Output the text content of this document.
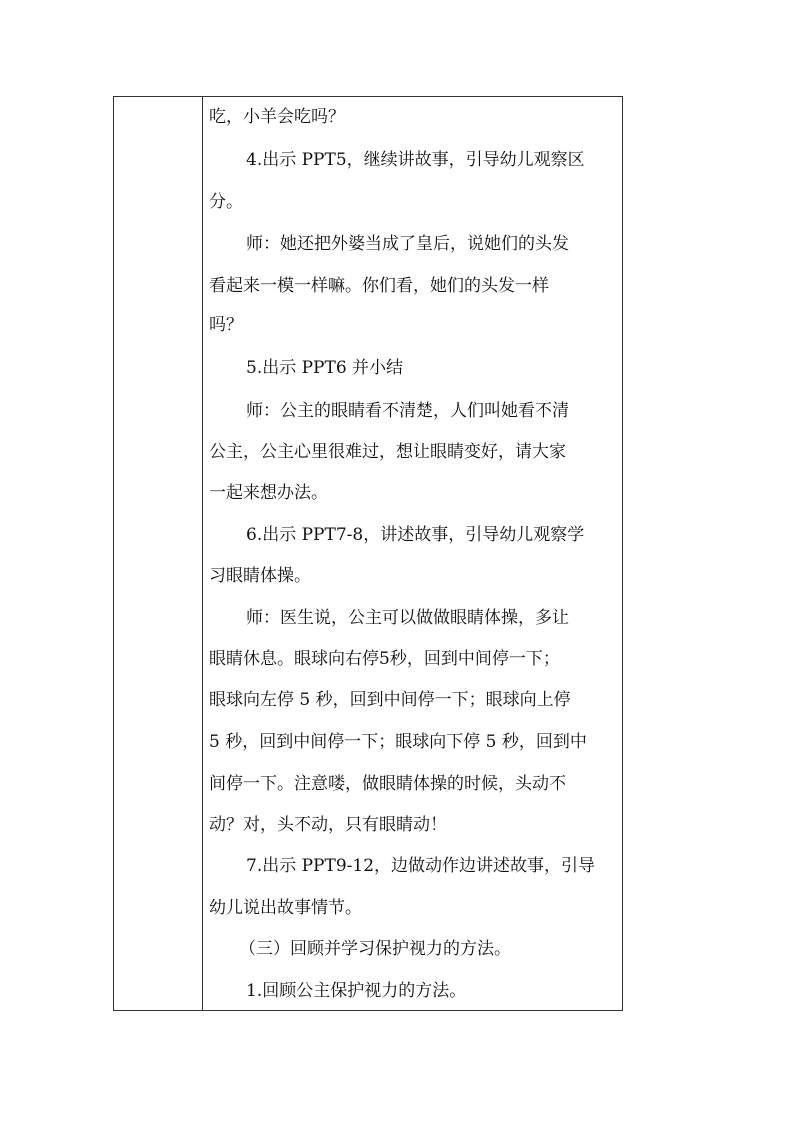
吃，小羊会吃吗？
4.出示 PPT5，继续讲故事，引导幼儿观察区
分。
师：她还把外婆当成了皇后，说她们的头发
看起来一模一样嘛。你们看，她们的头发一样
吗？
5.出示 PPT6 并小结
师：公主的眼睛看不清楚，人们叫她看不清
公主，公主心里很难过，想让眼睛变好，请大家
一起来想办法。
6.出示 PPT7-8，讲述故事，引导幼儿观察学
习眼睛体操。
师：医生说，公主可以做做眼睛体操，多让
眼睛休息。眼球向右停5秒，回到中间停一下；
眼球向左停 5 秒，回到中间停一下；眼球向上停
5 秒，回到中间停一下；眼球向下停 5 秒，回到中
间停一下。注意喽，做眼睛体操的时候，头动不
动？对，头不动，只有眼睛动！
7.出示 PPT9-12，边做动作边讲述故事，引导
幼儿说出故事情节。
（三）回顾并学习保护视力的方法。
1.回顾公主保护视力的方法。
